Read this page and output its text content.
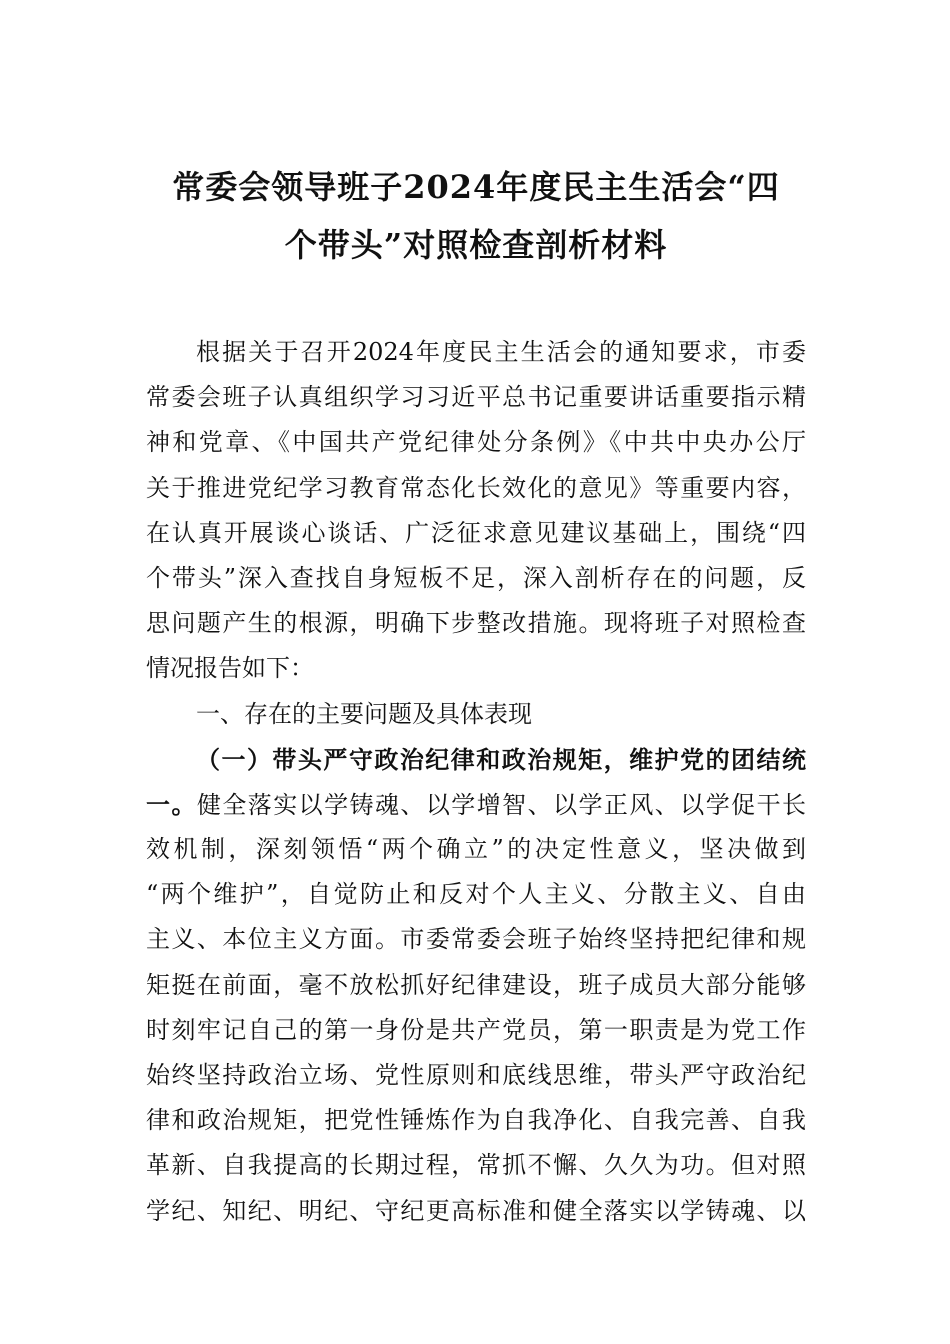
常委会领导班子2024年度民主生活会“四
个带头”对照检查剖析材料
根据关于召开2024年度民主生活会的通知要求，市委
常委会班子认真组织学习习近平总书记重要讲话重要指示精
神和党章、《中国共产党纪律处分条例》《中共中央办公厅
关于推进党纪学习教育常态化长效化的意见》等重要内容，
在认真开展谈心谈话、广泛征求意见建议基础上，围绕“四
个带头”深入查找自身短板不足，深入剖析存在的问题，反
思问题产生的根源，明确下步整改措施。现将班子对照检查
情况报告如下：
一、存在的主要问题及具体表现
（一）带头严守政治纪律和政治规矩，维护党的团结统
一。健全落实以学铸魂、以学增智、以学正风、以学促干长
效机制，深刻领悟“两个确立”的决定性意义，坚决做到
“两个维护”，自觉防止和反对个人主义、分散主义、自由
主义、本位主义方面。市委常委会班子始终坚持把纪律和规
矩挺在前面，毫不放松抓好纪律建设，班子成员大部分能够
时刻牢记自己的第一身份是共产党员，第一职责是为党工作
始终坚持政治立场、党性原则和底线思维，带头严守政治纪
律和政治规矩，把党性锤炼作为自我净化、自我完善、自我
革新、自我提高的长期过程，常抓不懈、久久为功。但对照
学纪、知纪、明纪、守纪更高标准和健全落实以学铸魂、以
